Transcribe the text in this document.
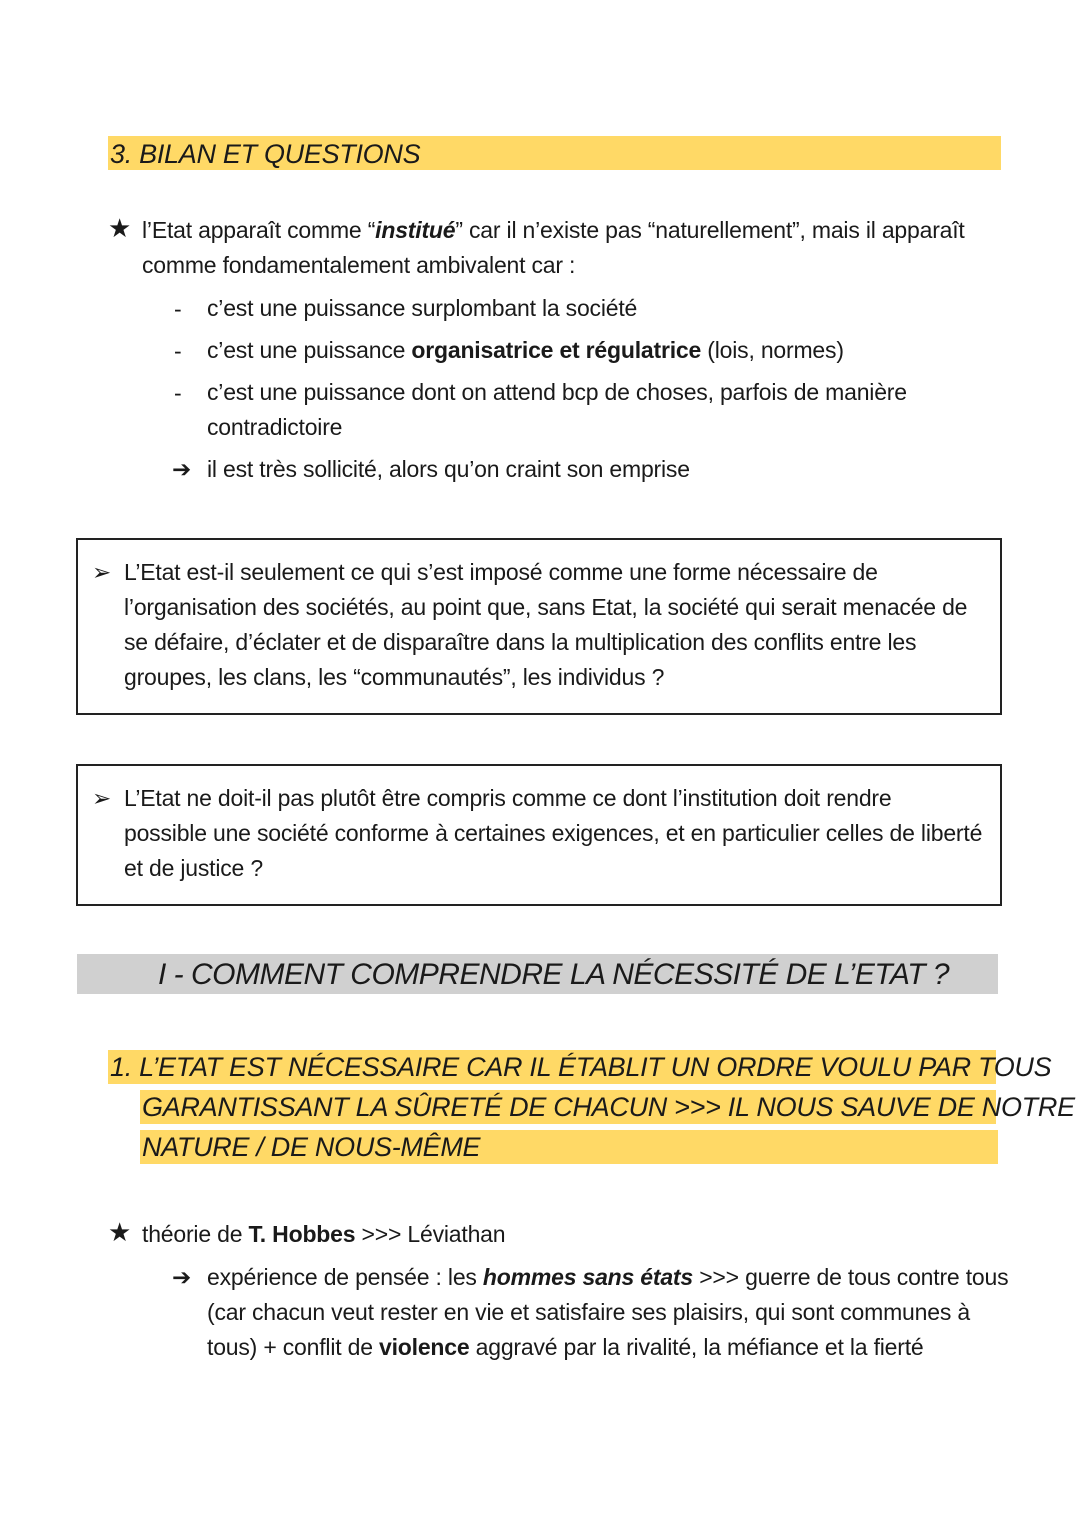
3. BILAN ET QUESTIONS
★ l’Etat apparaît comme “institué” car il n’existe pas “naturellement”, mais il apparaît
comme fondamentalement ambivalent car :
- c’est une puissance surplombant la société
- c’est une puissance organisatrice et régulatrice (lois, normes)
- c’est une puissance dont on attend bcp de choses, parfois de manière
contradictoire
➔ il est très sollicité, alors qu’on craint son emprise
➢ L’Etat est-il seulement ce qui s’est imposé comme une forme nécessaire de
l’organisation des sociétés, au point que, sans Etat, la société qui serait menacée de
se défaire, d’éclater et de disparaître dans la multiplication des conflits entre les
groupes, les clans, les “communautés”, les individus ?
➢ L’Etat ne doit-il pas plutôt être compris comme ce dont l’institution doit rendre
possible une société conforme à certaines exigences, et en particulier celles de liberté
et de justice ?
I - COMMENT COMPRENDRE LA NÉCESSITÉ DE L’ETAT ?
1. L’ETAT EST NÉCESSAIRE CAR IL ÉTABLIT UN ORDRE VOULU PAR TOUS
GARANTISSANT LA SÛRETÉ DE CHACUN >>> IL NOUS SAUVE DE NOTRE
NATURE / DE NOUS-MÊME
★ théorie de T. Hobbes >>> Léviathan
➔ expérience de pensée : les hommes sans états >>> guerre de tous contre tous
(car chacun veut rester en vie et satisfaire ses plaisirs, qui sont communes à
tous) + conflit de violence aggravé par la rivalité, la méfiance et la fierté
